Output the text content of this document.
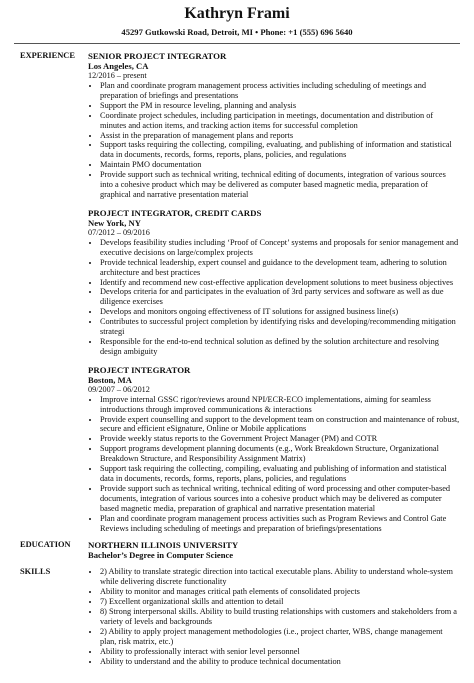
Kathryn Frami
45297 Gutkowski Road, Detroit, MI • Phone: +1 (555) 696 5640
EXPERIENCE	SENIOR PROJECT INTEGRATOR
Los Angeles, CA
12/2016 – present
• Plan and coordinate program management process activities including scheduling of meetings and preparation of briefings and presentations
• Support the PM in resource leveling, planning and analysis
• Coordinate project schedules, including participation in meetings, documentation and distribution of minutes and action items, and tracking action items for successful completion
• Assist in the preparation of management plans and reports
• Support tasks requiring the collecting, compiling, evaluating, and publishing of information and statistical data in documents, records, forms, reports, plans, policies, and regulations
• Maintain PMO documentation
• Provide support such as technical writing, technical editing of documents, integration of various sources into a cohesive product which may be delivered as computer based magnetic media, preparation of graphical and narrative presentation material
PROJECT INTEGRATOR, CREDIT CARDS
New York, NY
07/2012 – 09/2016
• Develops feasibility studies including ‘Proof of Concept’ systems and proposals for senior management and executive decisions on large/complex projects
• Provide technical leadership, expert counsel and guidance to the development team, adhering to solution architecture and best practices
• Identify and recommend new cost-effective application development solutions to meet business objectives
• Develops criteria for and participates in the evaluation of 3rd party services and software as well as due diligence exercises
• Develops and monitors ongoing effectiveness of IT solutions for assigned business line(s)
• Contributes to successful project completion by identifying risks and developing/recommending mitigation strategi
• Responsible for the end-to-end technical solution as defined by the solution architecture and resolving design ambiguity
PROJECT INTEGRATOR
Boston, MA
09/2007 – 06/2012
• Improve internal GSSC rigor/reviews around NPI/ECR-ECO implementations, aiming for seamless introductions through improved communications & interactions
• Provide expert counselling and support to the development team on construction and maintenance of robust, secure and efficient eSignature, Online or Mobile applications
• Provide weekly status reports to the Government Project Manager (PM) and COTR
• Support programs development planning documents (e.g., Work Breakdown Structure, Organizational Breakdown Structure, and Responsibility Assignment Matrix)
• Support task requiring the collecting, compiling, evaluating and publishing of information and statistical data in documents, records, forms, reports, plans, policies, and regulations
• Provide support such as technical writing, technical editing of word processing and other computer-based documents, integration of various sources into a cohesive product which may be delivered as computer based magnetic media, preparation of graphical and narrative presentation material
• Plan and coordinate program management process activities such as Program Reviews and Control Gate Reviews including scheduling of meetings and preparation of briefings/presentations
EDUCATION	NORTHERN ILLINOIS UNIVERSITY
Bachelor’s Degree in Computer Science
SKILLS
•	2) Ability to translate strategic direction into tactical executable plans. Ability to understand whole-system while delivering discrete functionality
• Ability to monitor and manages critical path elements of consolidated projects
• 7) Excellent organizational skills and attention to detail
• 8) Strong interpersonal skills. Ability to build trusting relationships with customers and stakeholders from a variety of levels and backgrounds
• 2) Ability to apply project management methodologies (i.e., project charter, WBS, change management plan, risk matrix, etc.)
• Ability to professionally interact with senior level personnel
• Ability to understand and the ability to produce technical documentation
